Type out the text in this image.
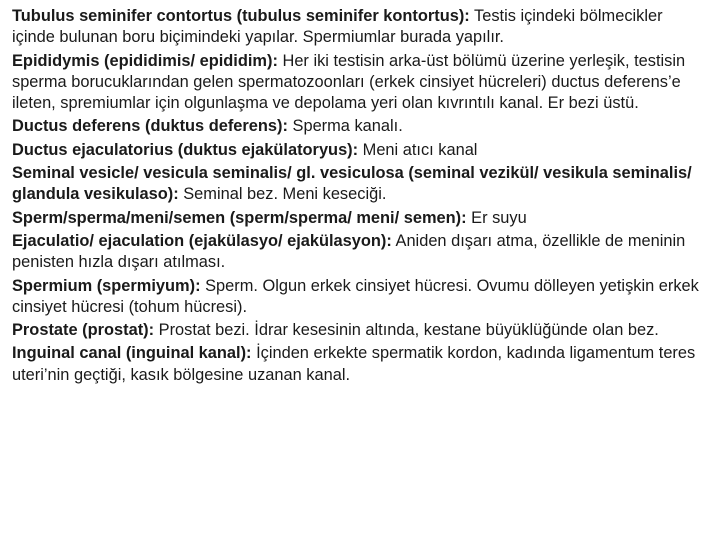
Tubulus seminifer contortus (tubulus seminifer kontortus): Testis içindeki bölmecikler içinde bulunan boru biçimindeki yapılar. Spermiumlar burada yapılır.
Epididymis (epididimis/ epididim): Her iki testisin arka-üst bölümü üzerine yerleşik, testisin sperma borucuklarından gelen spermatozoonları (erkek cinsiyet hücreleri) ductus deferens’e ileten, spremiumlar için olgunlaşma ve depolama yeri olan kıvrıntılı kanal. Er bezi üstü.
Ductus deferens (duktus deferens): Sperma kanalı.
Ductus ejaculatorius (duktus ejakülatoryus): Meni atıcı kanal
Seminal vesicle/ vesicula seminalis/ gl. vesiculosa (seminal vezikül/ vesikula seminalis/ glandula vesikulaso): Seminal bez. Meni keseciği.
Sperm/sperma/meni/semen (sperm/sperma/ meni/ semen): Er suyu
Ejaculatio/ ejaculation (ejakülasyo/ ejakülasyon): Aniden dışarı atma, özellikle de meninin penisten hızla dışarı atılması.
Spermium (spermiyum): Sperm. Olgun erkek cinsiyet hücresi. Ovumu dölleyen yetişkin erkek cinsiyet hücresi (tohum hücresi).
Prostate (prostat): Prostat bezi. İdrar kesesinin altında, kestane büyüklüğünde olan bez.
Inguinal canal (inguinal kanal): İçinden erkekte spermatik kordon, kadında ligamentum teres uteri’nin geçtiği, kasık bölgesine uzanan kanal.
